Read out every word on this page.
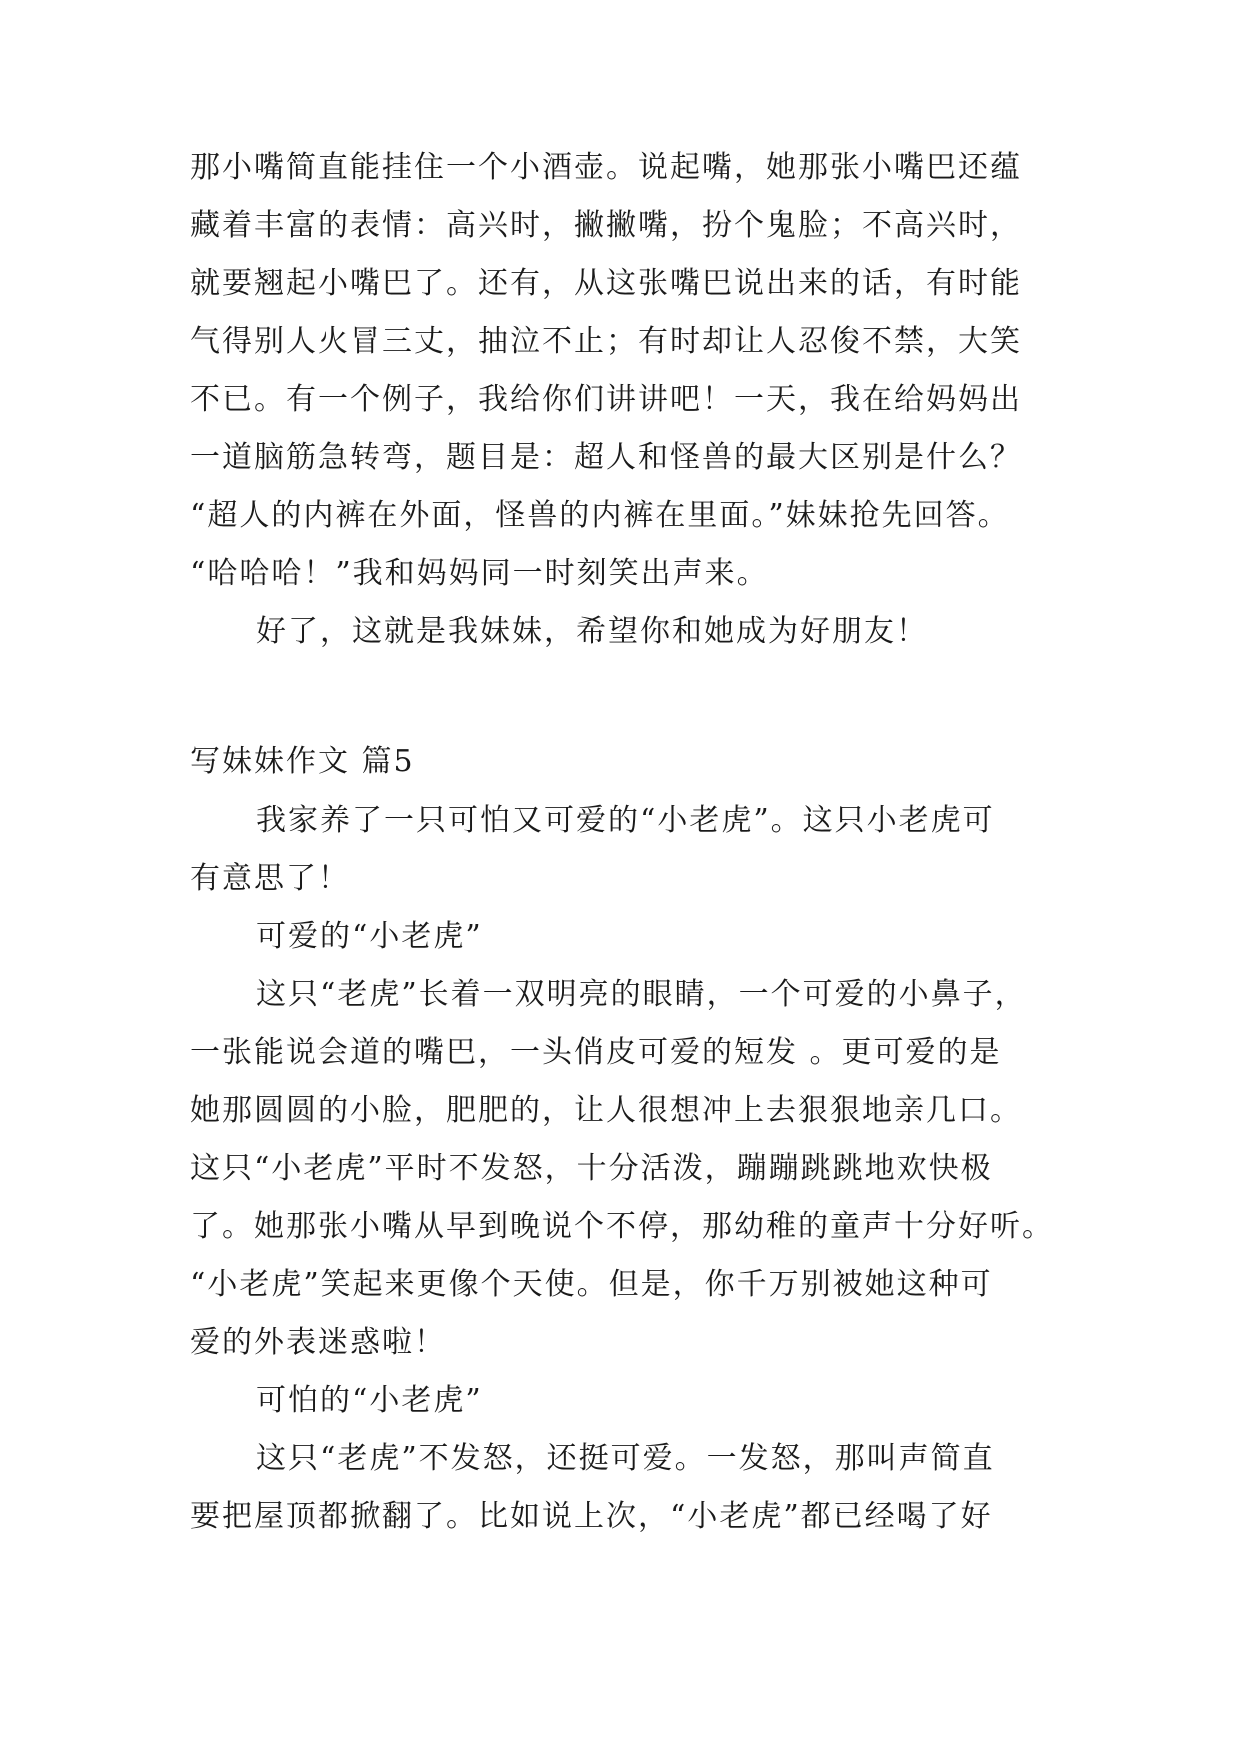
那小嘴简直能挂住一个小酒壶。说起嘴，她那张小嘴巴还蕴
藏着丰富的表情：高兴时，撇撇嘴，扮个鬼脸；不高兴时，
就要翘起小嘴巴了。还有，从这张嘴巴说出来的话，有时能
气得别人火冒三丈，抽泣不止；有时却让人忍俊不禁，大笑
不已。有一个例子，我给你们讲讲吧！一天，我在给妈妈出
一道脑筋急转弯，题目是：超人和怪兽的最大区别是什么？
“超人的内裤在外面，怪兽的内裤在里面。”妹妹抢先回答。
“哈哈哈！”我和妈妈同一时刻笑出声来。
好了，这就是我妹妹，希望你和她成为好朋友！
写妹妹作文 篇5
我家养了一只可怕又可爱的“小老虎”。这只小老虎可
有意思了！
可爱的“小老虎”
这只“老虎”长着一双明亮的眼睛，一个可爱的小鼻子，
一张能说会道的嘴巴，一头俏皮可爱的短发 。更可爱的是
她那圆圆的小脸，肥肥的，让人很想冲上去狠狠地亲几口。
这只“小老虎”平时不发怒，十分活泼，蹦蹦跳跳地欢快极
了。她那张小嘴从早到晚说个不停，那幼稚的童声十分好听。
“小老虎”笑起来更像个天使。但是，你千万别被她这种可
爱的外表迷惑啦！
可怕的“小老虎”
这只“老虎”不发怒，还挺可爱。一发怒，那叫声简直
要把屋顶都掀翻了。比如说上次，“小老虎”都已经喝了好
